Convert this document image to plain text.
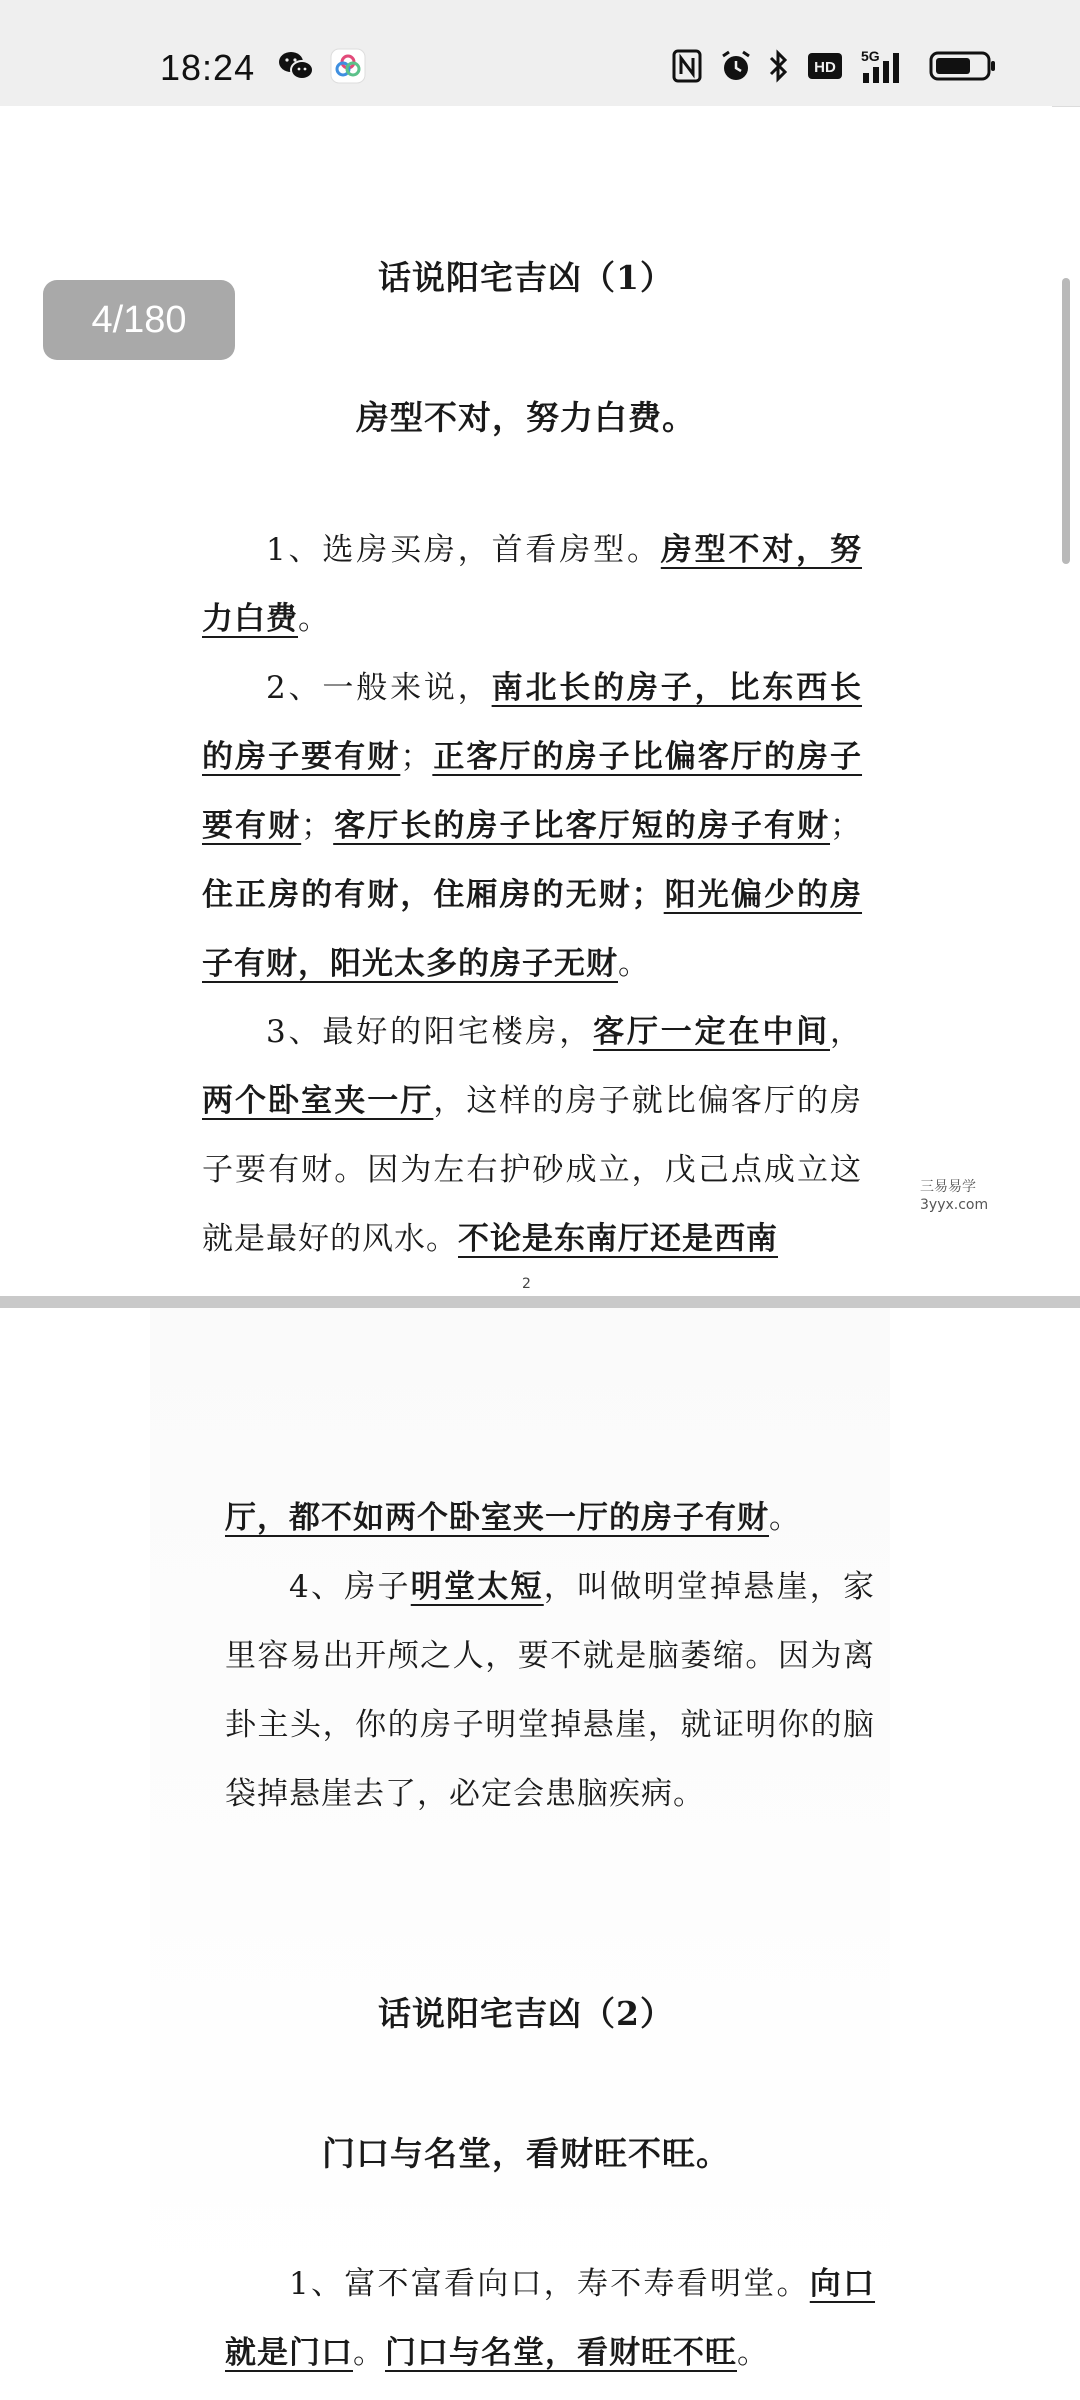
18:24	HD
5G
话说阳宅吉凶（1）
房型不对，努力白费。
1、选房买房，首看房型。房型不对，努力白费。
2、一般来说，南北长的房子，比东西长的房子要有财；正客厅的房子比偏客厅的房子要有财；客厅长的房子比客厅短的房子有财；住正房的有财，住厢房的无财；阳光偏少的房子有财，阳光太多的房子无财。
3、最好的阳宅楼房，客厅一定在中间，两个卧室夹一厅，这样的房子就比偏客厅的房子要有财。因为左右护砂成立，戊己点成立这就是最好的风水。不论是东南厅还是西南
三易易学
3yyx.com
2
厅，都不如两个卧室夹一厅的房子有财。
4、房子明堂太短，叫做明堂掉悬崖，家里容易出开颅之人，要不就是脑萎缩。因为离卦主头，你的房子明堂掉悬崖，就证明你的脑袋掉悬崖去了，必定会患脑疾病。
话说阳宅吉凶（2）
门口与名堂，看财旺不旺。
1、富不富看向口，寿不寿看明堂。向口就是门口。门口与名堂，看财旺不旺。
4/180
